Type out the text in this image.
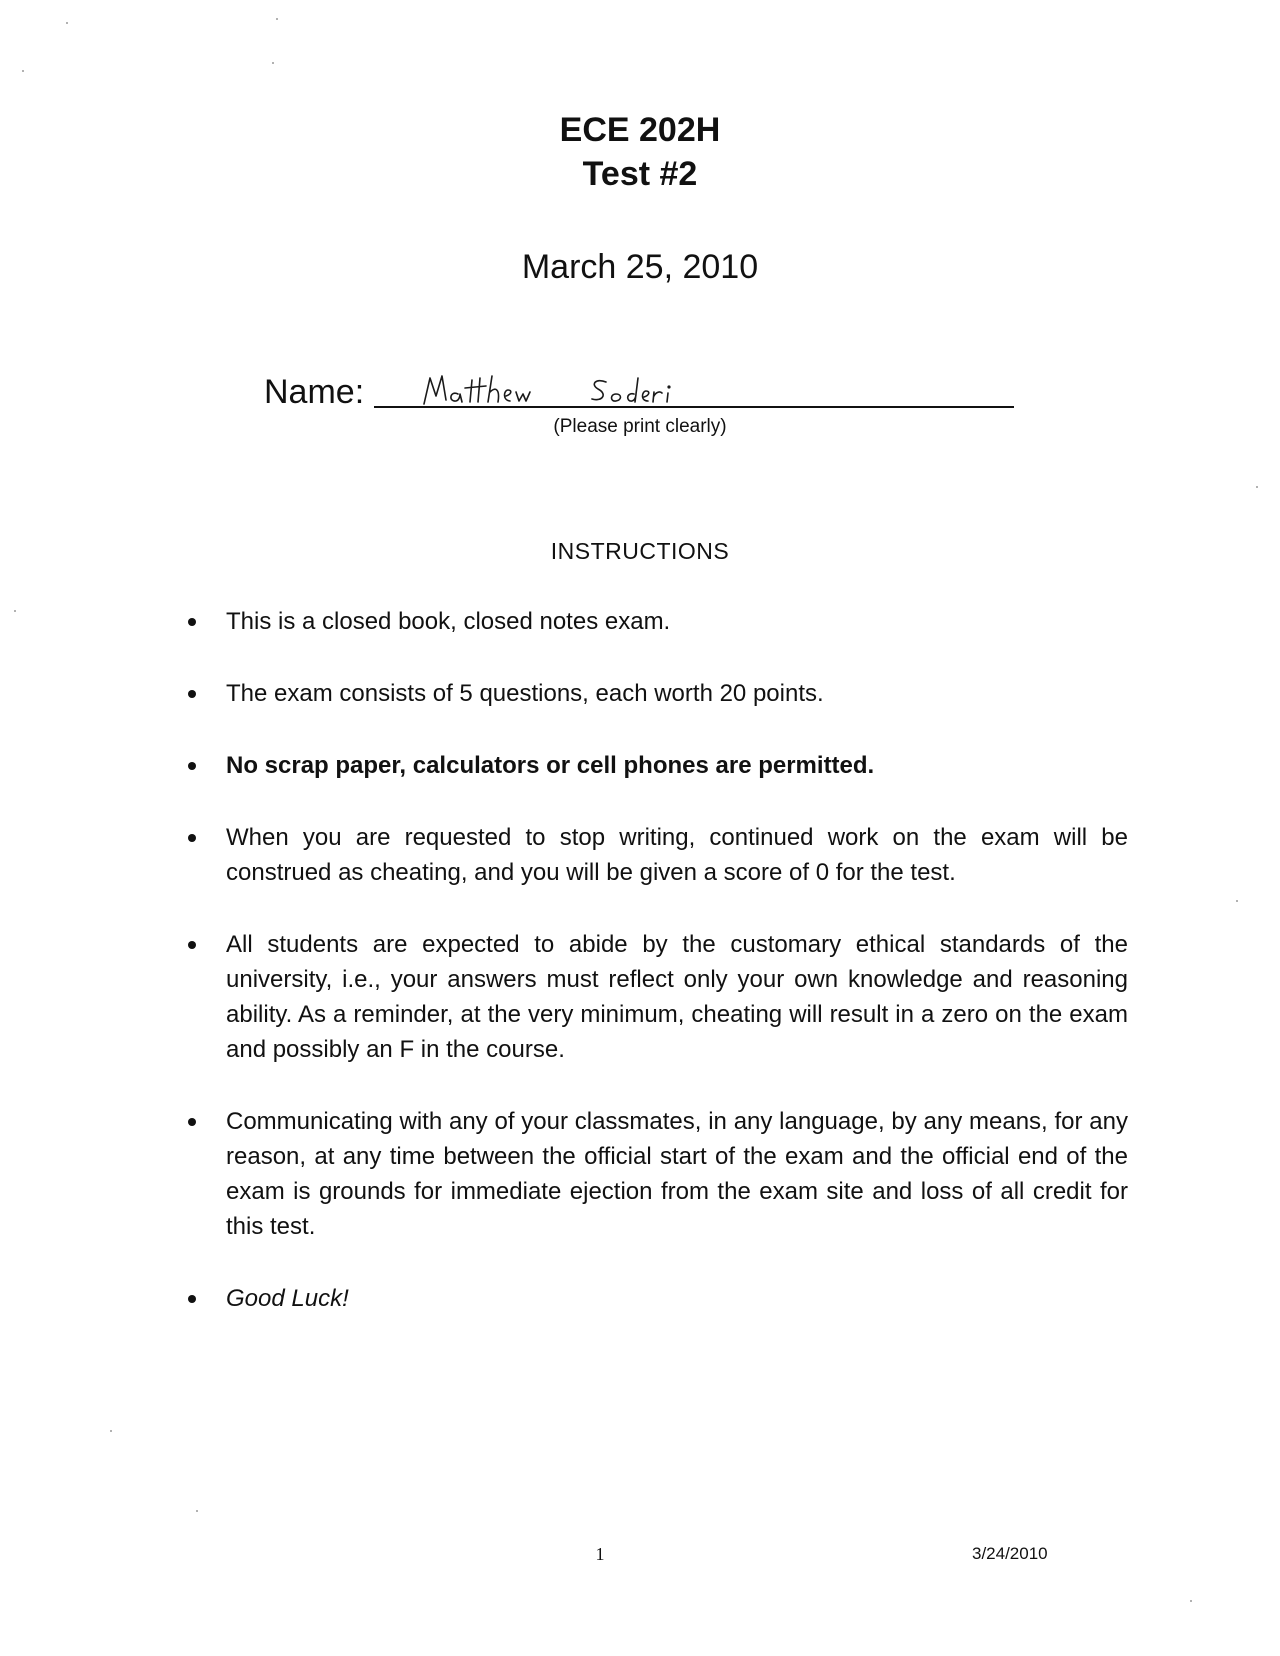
ECE 202H
Test #2
March 25, 2010
Name:
(Please print clearly)
INSTRUCTIONS
This is a closed book, closed notes exam.
The exam consists of 5 questions, each worth 20 points.
No scrap paper, calculators or cell phones are permitted.
When you are requested to stop writing, continued work on the exam will be construed as cheating, and you will be given a score of 0 for the test.
All students are expected to abide by the customary ethical standards of the university, i.e., your answers must reflect only your own knowledge and reasoning ability. As a reminder, at the very minimum, cheating will result in a zero on the exam and possibly an F in the course.
Communicating with any of your classmates, in any language, by any means, for any reason, at any time between the official start of the exam and the official end of the exam is grounds for immediate ejection from the exam site and loss of all credit for this test.
Good Luck!
1	3/24/2010
